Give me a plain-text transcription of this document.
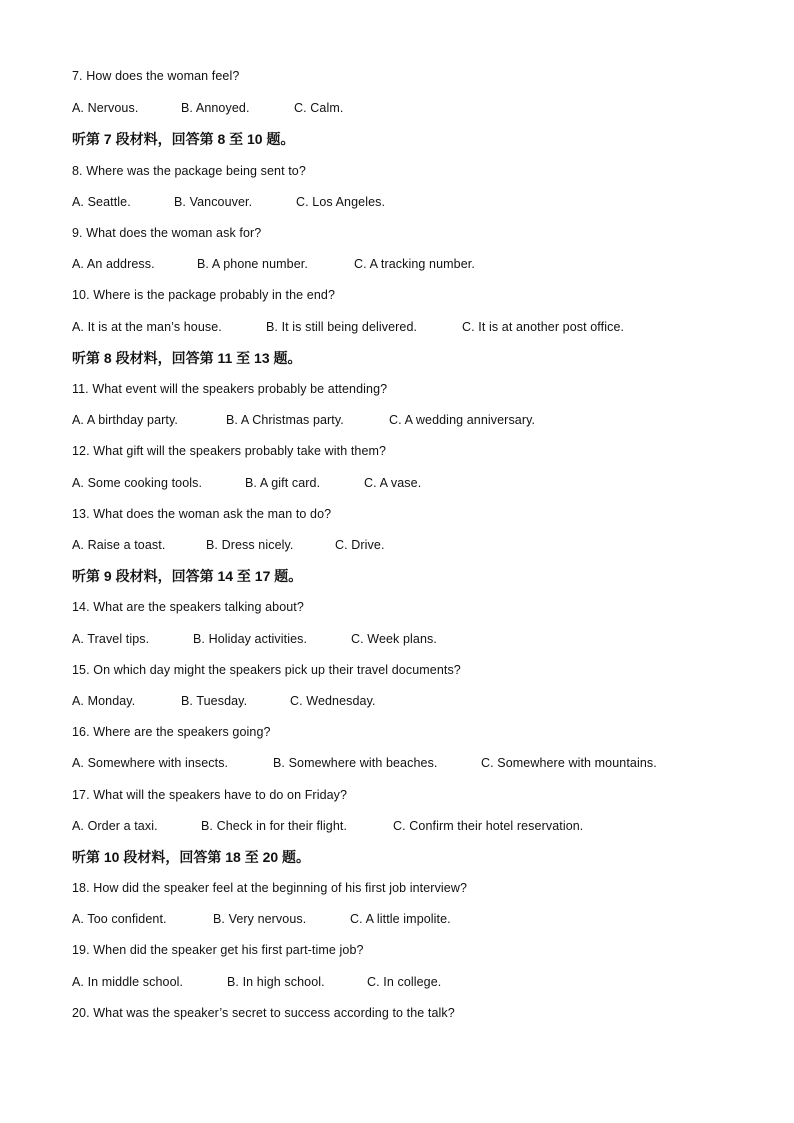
7. How does the woman feel?
A. Nervous.	B. Annoyed.	C. Calm.
听第 7 段材料，回答第 8 至 10 题。
8. Where was the package being sent to?
A. Seattle.	B. Vancouver.	C. Los Angeles.
9. What does the woman ask for?
A. An address.	B. A phone number.	C. A tracking number.
10. Where is the package probably in the end?
A. It is at the man’s house.	B. It is still being delivered.	C. It is at another post office.
听第 8 段材料，回答第 11 至 13 题。
11. What event will the speakers probably be attending?
A. A birthday party.	B. A Christmas party.	C. A wedding anniversary.
12. What gift will the speakers probably take with them?
A. Some cooking tools.	B. A gift card.	C. A vase.
13. What does the woman ask the man to do?
A. Raise a toast.	B. Dress nicely.	C. Drive.
听第 9 段材料，回答第 14 至 17 题。
14. What are the speakers talking about?
A. Travel tips.	B. Holiday activities.	C. Week plans.
15. On which day might the speakers pick up their travel documents?
A. Monday.	B. Tuesday.	C. Wednesday.
16. Where are the speakers going?
A. Somewhere with insects.	B. Somewhere with beaches.	C. Somewhere with mountains.
17. What will the speakers have to do on Friday?
A. Order a taxi.	B. Check in for their flight.	C. Confirm their hotel reservation.
听第 10 段材料，回答第 18 至 20 题。
18. How did the speaker feel at the beginning of his first job interview?
A. Too confident.	B. Very nervous.	C. A little impolite.
19. When did the speaker get his first part-time job?
A. In middle school.	B. In high school.	C. In college.
20. What was the speaker’s secret to success according to the talk?
